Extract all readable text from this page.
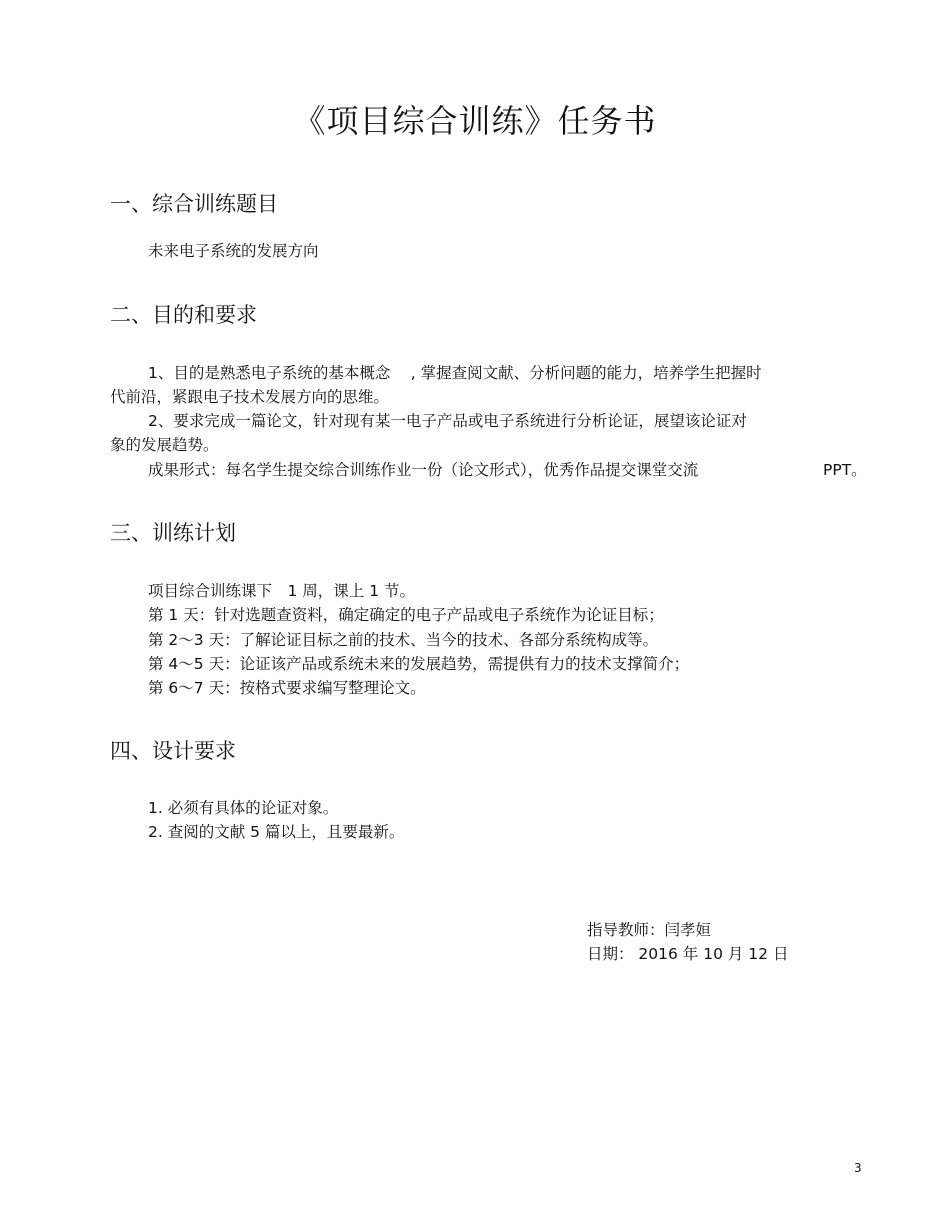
《项目综合训练》任务书
一、综合训练题目

未来电子系统的发展方向

二、目的和要求

1、目的是熟悉电子系统的基本概念　 , 掌握查阅文献、分析问题的能力，培养学生把握时

代前沿，紧跟电子技术发展方向的思维。

2、要求完成一篇论文，针对现有某一电子产品或电子系统进行分析论证，展望该论证对

象的发展趋势。

成果形式：每名学生提交综合训练作业一份（论文形式），优秀作品提交课堂交流	PPT。

三、训练计划

项目综合训练课下　1 周，课上 1 节。

第 1 天：针对选题查资料，确定确定的电子产品或电子系统作为论证目标；

第 2～3 天：了解论证目标之前的技术、当今的技术、各部分系统构成等。

第 4～5 天：论证该产品或系统未来的发展趋势，需提供有力的技术支撑简介；

第 6～7 天：按格式要求编写整理论文。

四、设计要求

1. 必须有具体的论证对象。

2. 查阅的文献 5 篇以上，且要最新。

指导教师：闫孝姮

日期： 2016 年 10 月 12 日

3
